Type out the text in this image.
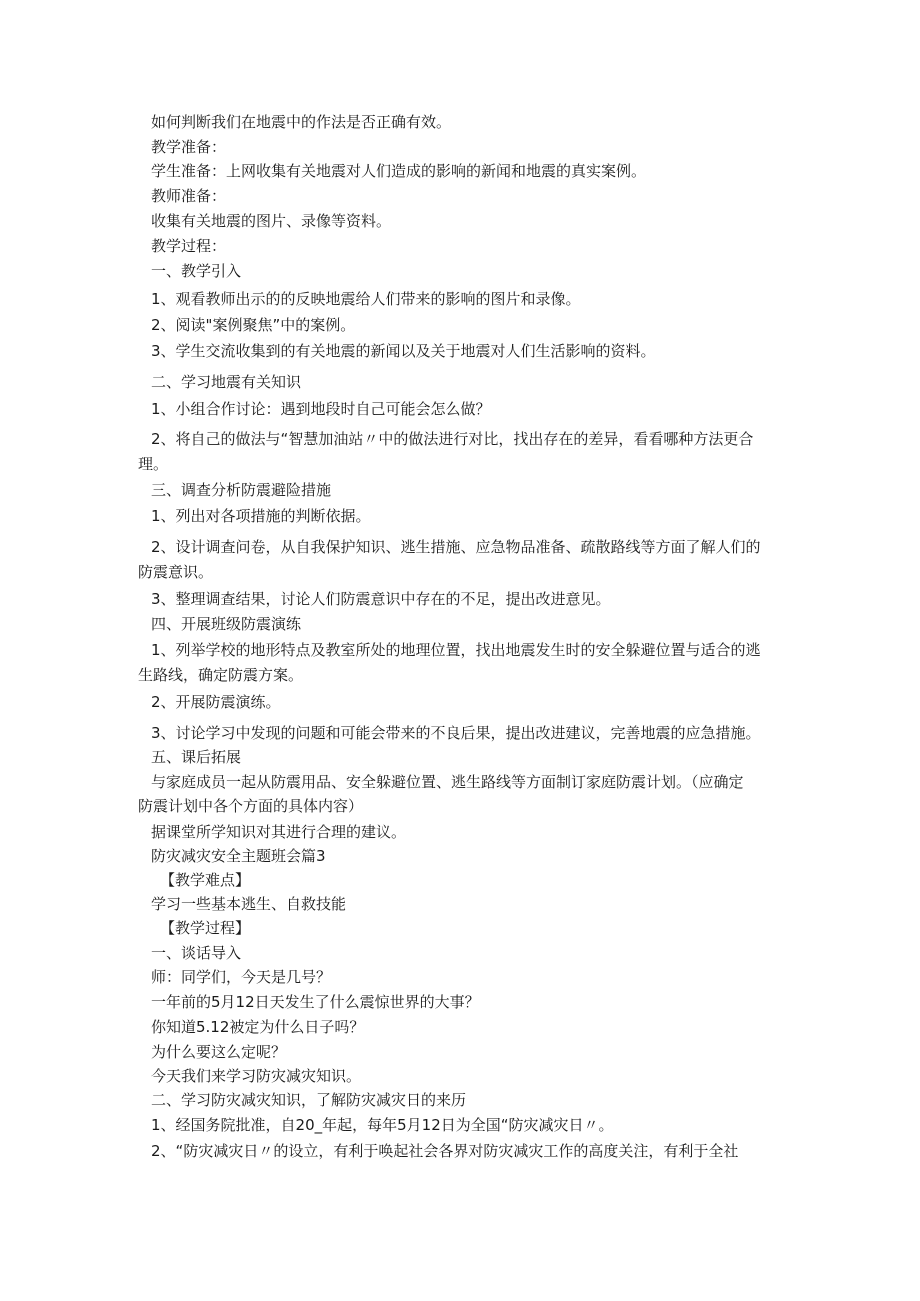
如何判断我们在地震中的作法是否正确有效。
教学准备：
学生准备：上网收集有关地震对人们造成的影响的新闻和地震的真实案例。
教师准备：
收集有关地震的图片、录像等资料。
教学过程：
一、教学引入
1、观看教师出示的的反映地震给人们带来的影响的图片和录像。
2、阅读"案例聚焦”中的案例。
3、学生交流收集到的有关地震的新闻以及关于地震对人们生活影响的资料。
二、学习地震有关知识
1、小组合作讨论：遇到地段时自己可能会怎么做？
2、将自己的做法与“智慧加油站〃中的做法进行对比，找出存在的差异，看看哪种方法更合
理。
三、调查分析防震避险措施
1、列出对各项措施的判断依据。
2、设计调查问卷，从自我保护知识、逃生措施、应急物品准备、疏散路线等方面了解人们的
防震意识。
3、整理调查结果，讨论人们防震意识中存在的不足，提出改进意见。
四、开展班级防震演练
1、列举学校的地形特点及教室所处的地理位置，找出地震发生时的安全躲避位置与适合的逃
生路线，确定防震方案。
2、开展防震演练。
3、讨论学习中发现的问题和可能会带来的不良后果，提出改进建议，完善地震的应急措施。
五、课后拓展
与家庭成员一起从防震用品、安全躲避位置、逃生路线等方面制订家庭防震计划。（应确定
防震计划中各个方面的具体内容）
据课堂所学知识对其进行合理的建议。
防灾减灾安全主题班会篇3
【教学难点】
学习一些基本逃生、自救技能
【教学过程】
一、谈话导入
师：同学们，今天是几号？
一年前的5月12日天发生了什么震惊世界的大事？
你知道5.12被定为什么日子吗？
为什么要这么定呢？
今天我们来学习防灾减灾知识。
二、学习防灾减灾知识，了解防灾减灾日的来历
1、经国务院批准，自20_年起，每年5月12日为全国“防灾减灾日〃。
2、“防灾减灾日〃的设立，有利于唤起社会各界对防灾减灾工作的高度关注，有利于全社
